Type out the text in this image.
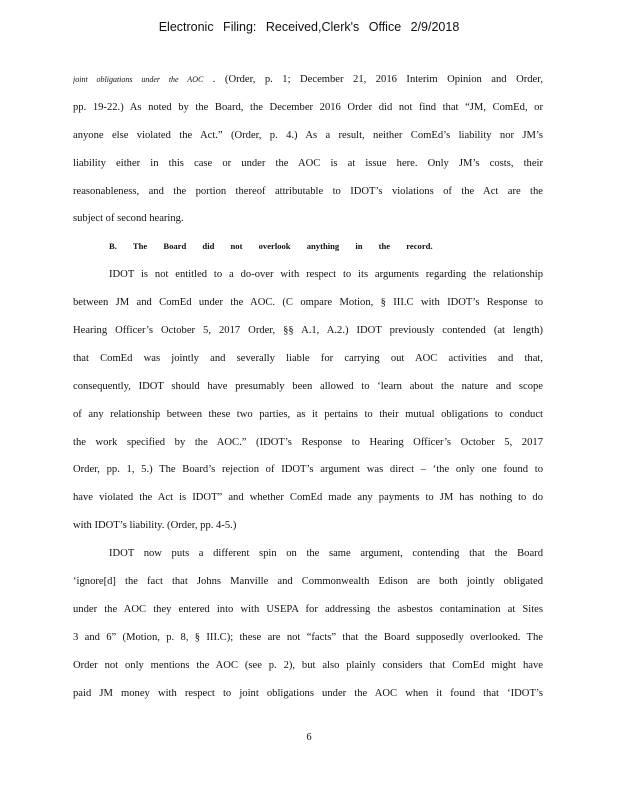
Electronic Filing: Received,Clerk's Office 2/9/2018
joint obligations under the AOC . (Order, p. 1; December 21, 2016 Interim Opinion and Order,
pp. 19-22.) As noted by the Board, the December 2016 Order did not find that “JM, ComEd, or
anyone else violated the Act.” (Order, p. 4.) As a result, neither ComEd’s liability nor JM’s
liability either in this case or under the AOC is at issue here. Only JM’s costs, their
reasonableness, and the portion thereof attributable to IDOT’s violations of the Act are the
subject of second hearing.
B. The Board did not overlook anything in the record.
IDOT is not entitled to a do-over with respect to its arguments regarding the relationship
between JM and ComEd under the AOC. (C ompare Motion, § III.C with IDOT’s Response to
Hearing Officer’s October 5, 2017 Order, §§ A.1, A.2.) IDOT previously contended (at length)
that ComEd was jointly and severally liable for carrying out AOC activities and that,
consequently, IDOT should have presumably been allowed to ‘learn about the nature and scope
of any relationship between these two parties, as it pertains to their mutual obligations to conduct
the work specified by the AOC.” (IDOT’s Response to Hearing Officer’s October 5, 2017
Order, pp. 1, 5.) The Board’s rejection of IDOT’s argument was direct – ‘the only one found to
have violated the Act is IDOT” and whether ComEd made any payments to JM has nothing to do
with IDOT’s liability. (Order, pp. 4-5.)
IDOT now puts a different spin on the same argument, contending that the Board
‘ignore[d] the fact that Johns Manville and Commonwealth Edison are both jointly obligated
under the AOC they entered into with USEPA for addressing the asbestos contamination at Sites
3 and 6” (Motion, p. 8, § III.C); these are not “facts” that the Board supposedly overlooked. The
Order not only mentions the AOC (see p. 2), but also plainly considers that ComEd might have
paid JM money with respect to joint obligations under the AOC when it found that ‘IDOT’s
6
